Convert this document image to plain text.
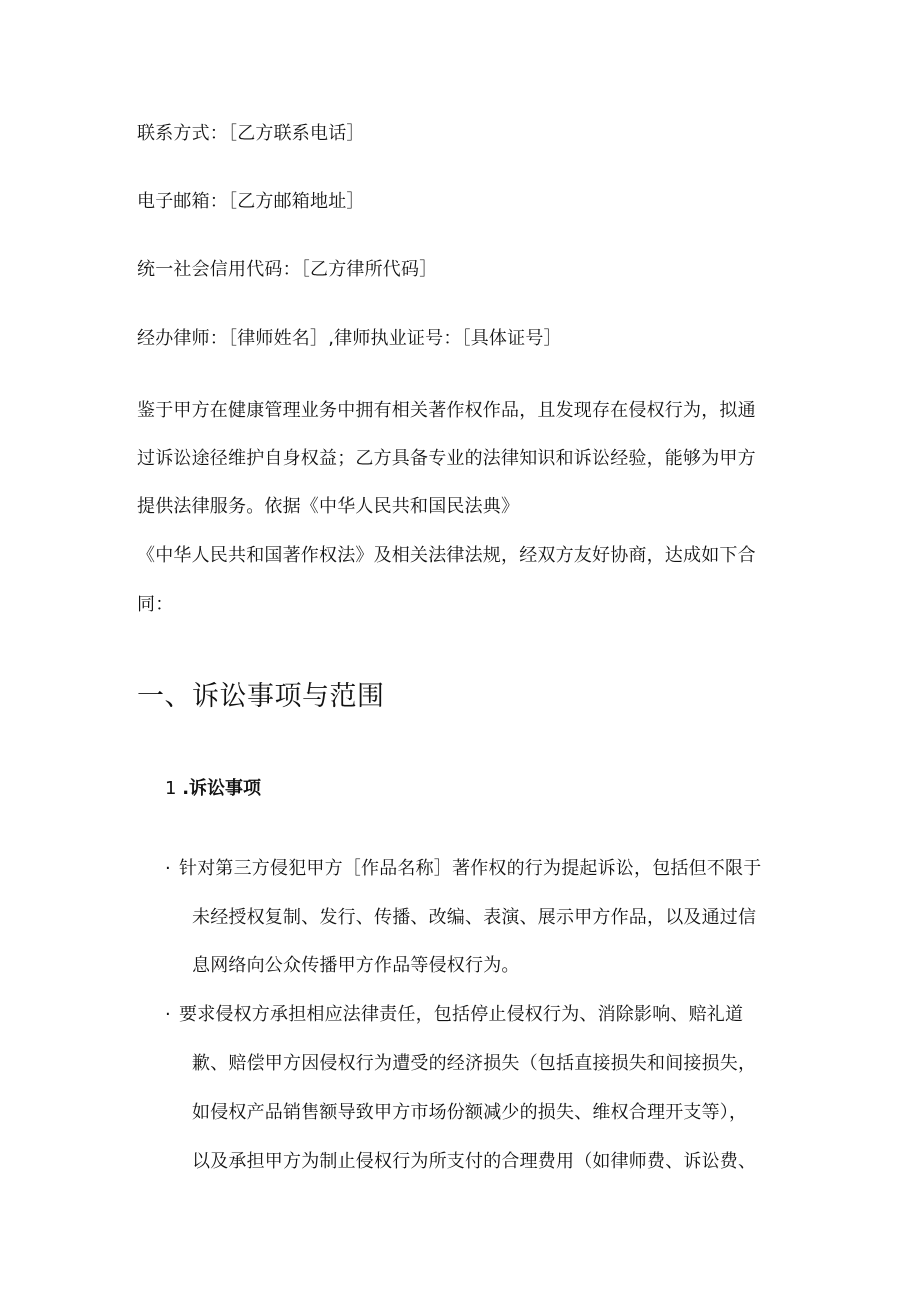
联系方式：［乙方联系电话］
电子邮箱：［乙方邮箱地址］
统一社会信用代码：［乙方律所代码］
经办律师：［律师姓名］,律师执业证号：［具体证号］
鉴于甲方在健康管理业务中拥有相关著作权作品，且发现存在侵权行为，拟通
过诉讼途径维护自身权益；乙方具备专业的法律知识和诉讼经验，能够为甲方
提供法律服务。依据《中华人民共和国民法典》
《中华人民共和国著作权法》及相关法律法规，经双方友好协商，达成如下合
同：
一、诉讼事项与范围
1 .诉讼事项
· 针对第三方侵犯甲方［作品名称］著作权的行为提起诉讼，包括但不限于
未经授权复制、发行、传播、改编、表演、展示甲方作品，以及通过信
息网络向公众传播甲方作品等侵权行为。
· 要求侵权方承担相应法律责任，包括停止侵权行为、消除影响、赔礼道
歉、赔偿甲方因侵权行为遭受的经济损失（包括直接损失和间接损失，
如侵权产品销售额导致甲方市场份额减少的损失、维权合理开支等），
以及承担甲方为制止侵权行为所支付的合理费用（如律师费、诉讼费、
